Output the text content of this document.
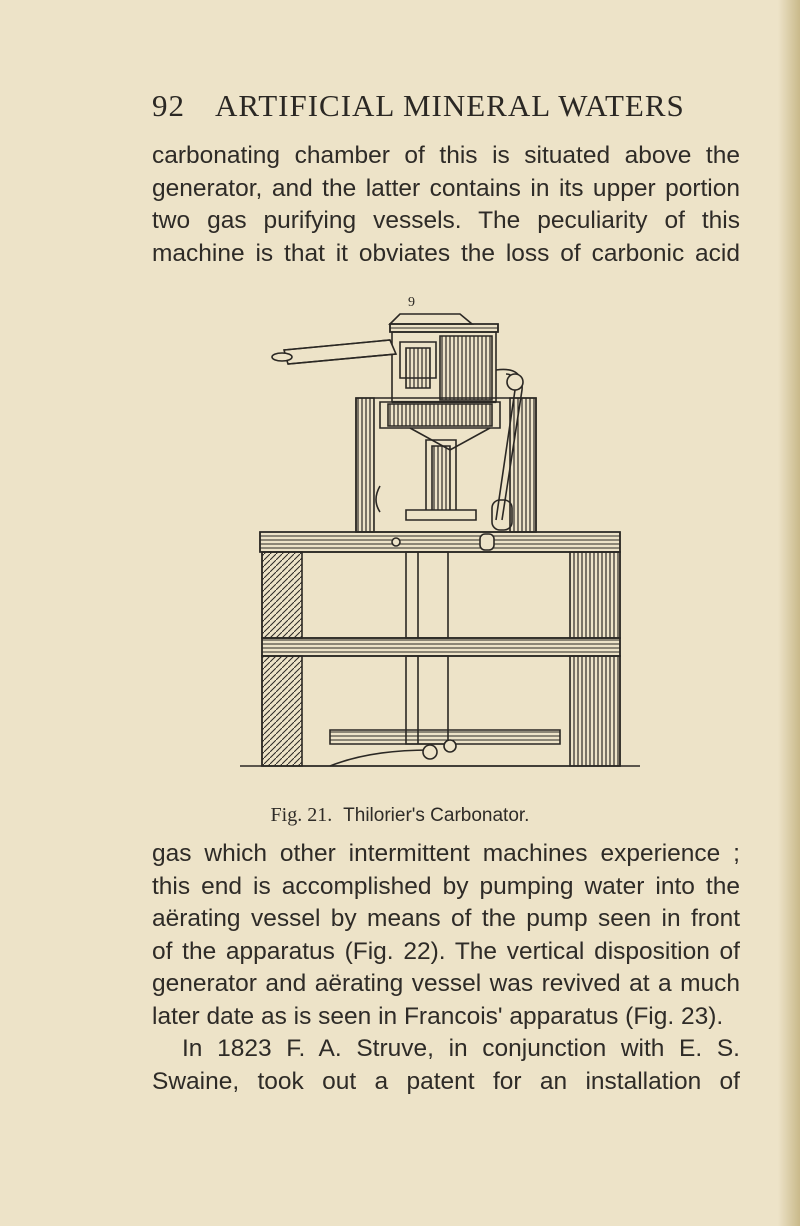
92 ARTIFICIAL MINERAL WATERS

carbonating chamber of this is situated above the

generator, and the latter contains in its upper portion

two gas purifying vessels. The peculiarity of this

machine is that it obviates the loss of carbonic acid

9
Fig. 21. Thilorier's Carbonator.

gas which other intermittent machines experience ;

this end is accomplished by pumping water into the

aërating vessel by means of the pump seen in front

of the apparatus (Fig. 22). The vertical disposition of

generator and aërating vessel was revived at a much

later date as is seen in Francois' apparatus (Fig. 23).

In 1823 F. A. Struve, in conjunction with E. S.

Swaine, took out a patent for an installation of
